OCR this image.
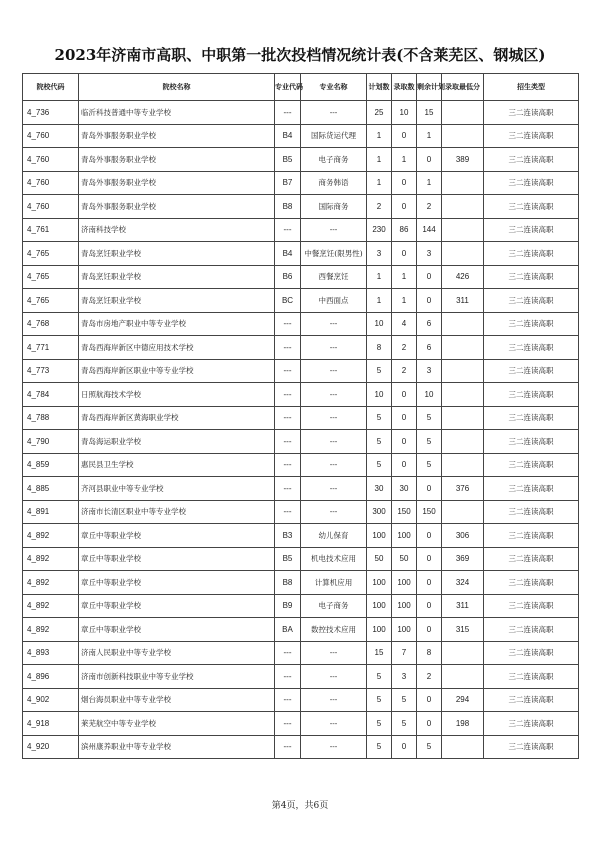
2023年济南市高职、中职第一批次投档情况统计表(不含莱芜区、钢城区)
院校代码	院校名称	专业代码	专业名称	计划数	录取数	剩余计划	录取最低分	招生类型
4_736	临沂科技普通中等专业学校	---	---	25	10	15		三二连读高职
4_760	青岛外事服务职业学校	B4	国际货运代理	1	0	1		三二连读高职
4_760	青岛外事服务职业学校	B5	电子商务	1	1	0	389	三二连读高职
4_760	青岛外事服务职业学校	B7	商务韩语	1	0	1		三二连读高职
4_760	青岛外事服务职业学校	B8	国际商务	2	0	2		三二连读高职
4_761	济南科技学校	---	---	230	86	144		三二连读高职
4_765	青岛烹饪职业学校	B4	中餐烹饪(限男性)	3	0	3		三二连读高职
4_765	青岛烹饪职业学校	B6	西餐烹饪	1	1	0	426	三二连读高职
4_765	青岛烹饪职业学校	BC	中西面点	1	1	0	311	三二连读高职
4_768	青岛市房地产职业中等专业学校	---	---	10	4	6		三二连读高职
4_771	青岛西海岸新区中德应用技术学校	---	---	8	2	6		三二连读高职
4_773	青岛西海岸新区职业中等专业学校	---	---	5	2	3		三二连读高职
4_784	日照航海技术学校	---	---	10	0	10		三二连读高职
4_788	青岛西海岸新区黄海职业学校	---	---	5	0	5		三二连读高职
4_790	青岛海运职业学校	---	---	5	0	5		三二连读高职
4_859	惠民县卫生学校	---	---	5	0	5		三二连读高职
4_885	齐河县职业中等专业学校	---	---	30	30	0	376	三二连读高职
4_891	济南市长清区职业中等专业学校	---	---	300	150	150		三二连读高职
4_892	章丘中等职业学校	B3	幼儿保育	100	100	0	306	三二连读高职
4_892	章丘中等职业学校	B5	机电技术应用	50	50	0	369	三二连读高职
4_892	章丘中等职业学校	B8	计算机应用	100	100	0	324	三二连读高职
4_892	章丘中等职业学校	B9	电子商务	100	100	0	311	三二连读高职
4_892	章丘中等职业学校	BA	数控技术应用	100	100	0	315	三二连读高职
4_893	济南人民职业中等专业学校	---	---	15	7	8		三二连读高职
4_896	济南市创新科技职业中等专业学校	---	---	5	3	2		三二连读高职
4_902	烟台海员职业中等专业学校	---	---	5	5	0	294	三二连读高职
4_918	莱芜航空中等专业学校	---	---	5	5	0	198	三二连读高职
4_920	滨州康养职业中等专业学校	---	---	5	0	5		三二连读高职
第4页，共6页
